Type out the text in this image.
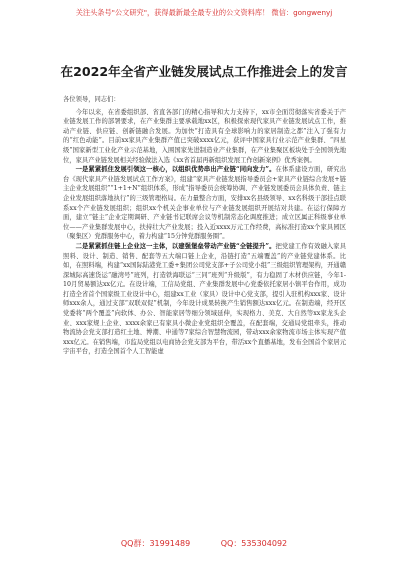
关注头条号"公文研究"，获得最新最全最专业的公文资料库！ 微信：gongwenyj
在2022年全省产业链发展试点工作推进会上的发言

各位领导，同志们：

今年以来，在省委组织部、省直各部门的精心指导和大力支持下，xx市全面贯彻落实省委关于产业链发展工作的部署要求，在产业集群主要承载地xx区，积极探索现代家具产业链发展试点工作，推动产业链、供应链、创新链融合发展。为加快“打造具有全球影响力的家居制造之都”注入了强有力的“红色动能”。目前xx家具产业集群产值已突破xxxx亿元，获评中国家具行业示范产业集群、“四星级”国家新型工业化产业示范基地，入围国家先进制造业产业集群，在产业集聚区板块处于全国领先地位，家具产业链发展相关经验做法入选《xx省首届再新组织发展工作创新案例》优秀案例。

一是紧紧抓住发展引领这一核心，以组织优势串出产业链“同向发力”。在体系建设方面，研究出台《现代家具产业链发展试点工作方案》，组建“家具产业链发展指导委员会+家具产业链综合发展+链主企业发展组织”“1+1+N”组织体系，形成“指导委员会统筹协调、产业链发展委员会具体负责、链主企业发展组织落地执行”的三级管理格局。在力量整合方面，安排xx名县级领导、xx名科级干部挂点联系xx个产业链发展组织；组织xx个机关企事业单位与产业链发展组织开展结对共建。在运行保障方面，建立“链主”企业定期调研、产业链书记联席会议等机制常态化调度推进；成立区属正科级事业单位——产业集群发展中心，扶持壮大产业发展；投入近xxxx万元工作经费，高标准打造xx个家具园区（聚集区）党群服务中心，着力构建“15分钟党群服务圈”。

二是紧紧抓住链上企业这一主体，以建强堡垒带动产业链“全链提升”。把党建工作有效融入家具照料、设计、制造、销售、配套等五大端口链上企业，沿链打造“五端覆盖”的产业链党建体系。比如，在照料端，构建“xx国际陆港党工委+集团公司党支部+子公司党小组”三级组织管理架构，开通赣深城际高速货运“融湾号”班列，打造铁海联运“三同”班列“升级版”，有力稳固了木材供应链，今年1-10月贸易额达xx亿元。在设计端，工信局党组、产业集群发展中心党委依托家居小镇平台作用，成功打造全省首个国家级工业设计中心，组建xx工业（家具）设计中心党支部，提引入驻机构xxx家、设计师xxx余人，通过支部“双联双促”机制，今年设计成果转换产生销售额达xxx亿元。在制造端，经开区党委将“两个覆盖”向软体、办公、智能家居等细分领域延伸，实现格力、美克、大自然等xx家龙头企业、xxx家规上企业、xxxx余家已有家具小微企业党组织全覆盖，在配套端，交通局党组牵头，推动物流协会党支部打造红土地、博潮、申通等7家综合智慧物流园，带动xxx余家物流市场主体实现产值xxx亿元。在销售端，市监局党组以电商协会党支部为平台，带活xx个直播基地，发布全国首个家居元宇宙平台，打造全国首个人工智能虚

QQ群：31991489	QQ：535304092
